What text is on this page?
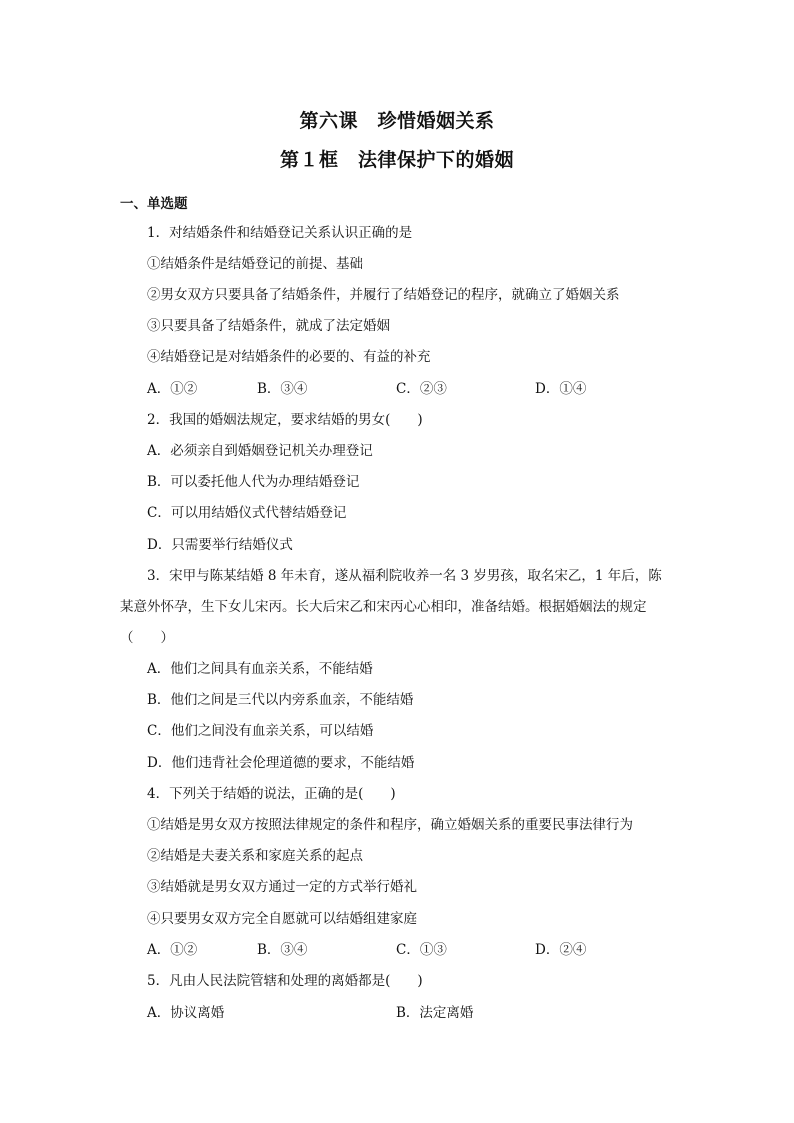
第六课　珍惜婚姻关系
第１框　法律保护下的婚姻
一、单选题
1．对结婚条件和结婚登记关系认识正确的是
①结婚条件是结婚登记的前提、基础
②男女双方只要具备了结婚条件，并履行了结婚登记的程序，就确立了婚姻关系
③只要具备了结婚条件，就成了法定婚姻
④结婚登记是对结婚条件的必要的、有益的补充
A．①②	B．③④	C．②③	D．①④
2．我国的婚姻法规定，要求结婚的男女(　　)
A．必须亲自到婚姻登记机关办理登记
B．可以委托他人代为办理结婚登记
C．可以用结婚仪式代替结婚登记
D．只需要举行结婚仪式
3．宋甲与陈某结婚 8 年未育，遂从福利院收养一名 3 岁男孩，取名宋乙，1 年后，陈
某意外怀孕，生下女儿宋丙。长大后宋乙和宋丙心心相印，准备结婚。根据婚姻法的规定
（　　）
A．他们之间具有血亲关系，不能结婚
B．他们之间是三代以内旁系血亲，不能结婚
C．他们之间没有血亲关系，可以结婚
D．他们违背社会伦理道德的要求，不能结婚
4．下列关于结婚的说法，正确的是(　　)
①结婚是男女双方按照法律规定的条件和程序，确立婚姻关系的重要民事法律行为
②结婚是夫妻关系和家庭关系的起点
③结婚就是男女双方通过一定的方式举行婚礼
④只要男女双方完全自愿就可以结婚组建家庭
A．①②	B．③④	C．①③	D．②④
5．凡由人民法院管辖和处理的离婚都是(　　)
A．协议离婚	B．法定离婚
